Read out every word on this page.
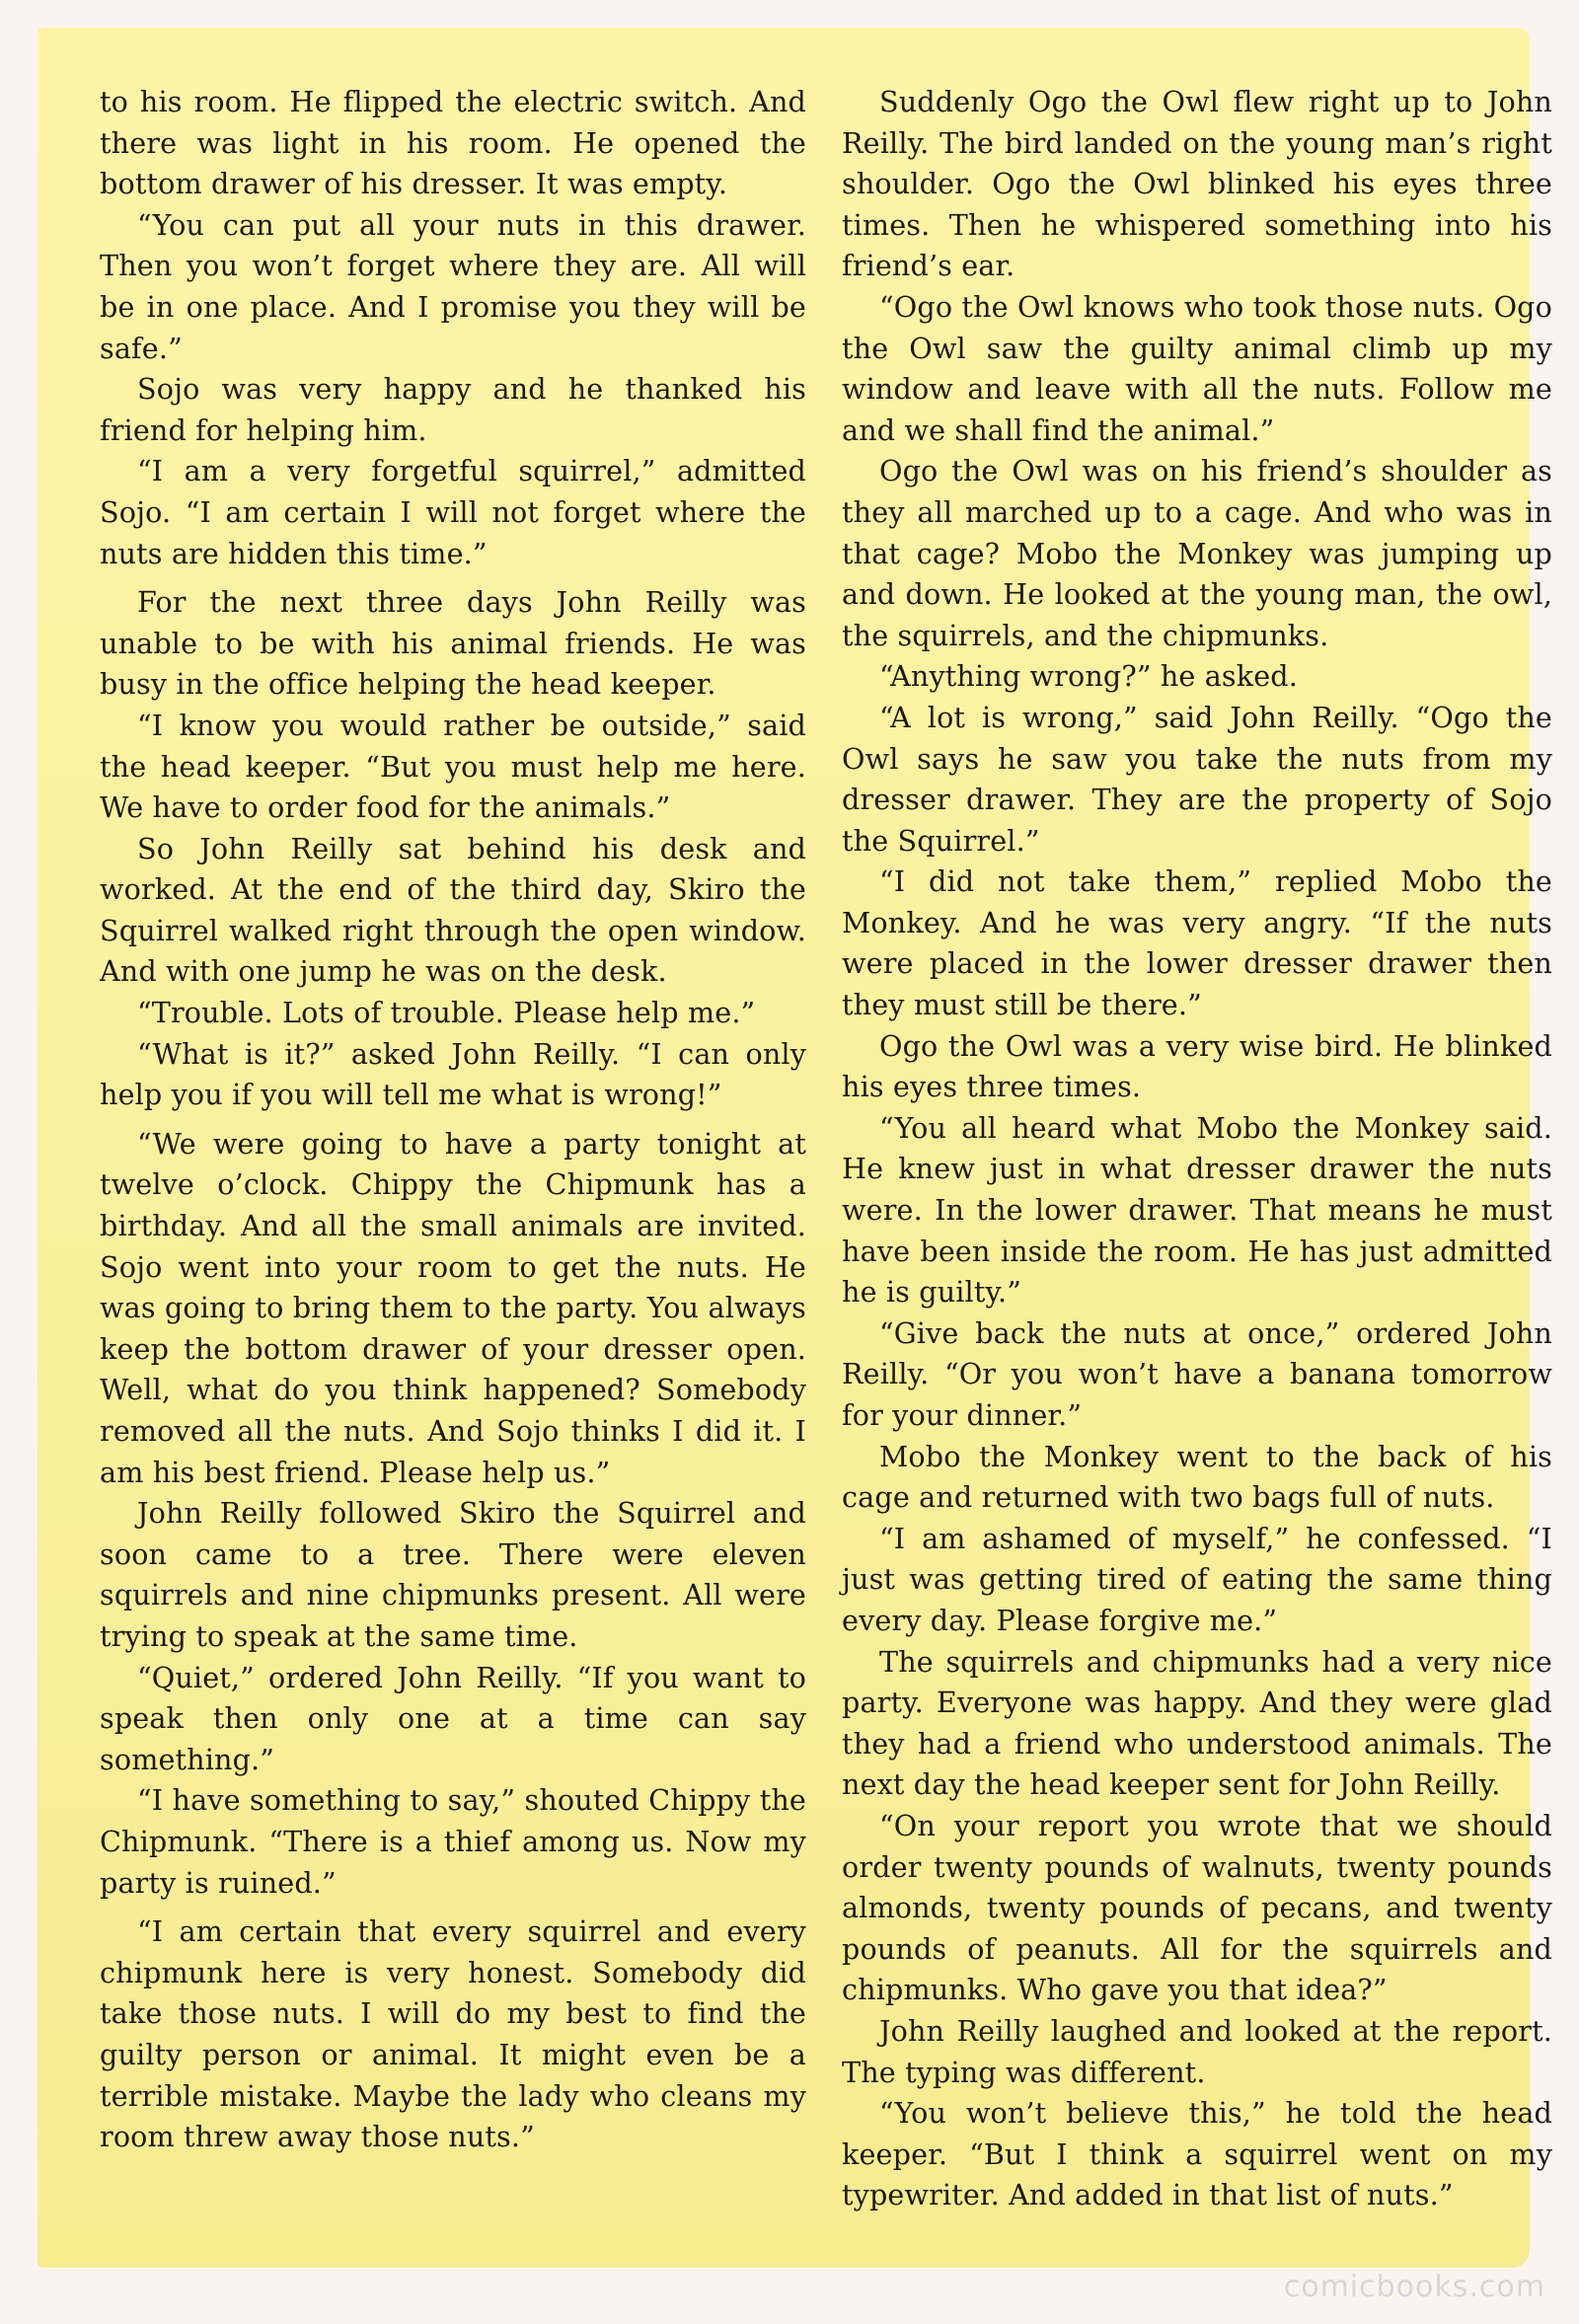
to his room. He flipped the electric switch. And there was light in his room. He opened the bottom drawer of his dresser. It was empty.

“You can put all your nuts in this drawer. Then you won’t forget where they are. All will be in one place. And I promise you they will be safe.”

Sojo was very happy and he thanked his friend for helping him.

“I am a very forgetful squirrel,” admitted Sojo. “I am certain I will not forget where the nuts are hidden this time.”

For the next three days John Reilly was unable to be with his animal friends. He was busy in the office helping the head keeper.

“I know you would rather be outside,” said the head keeper. “But you must help me here. We have to order food for the animals.”

So John Reilly sat behind his desk and worked. At the end of the third day, Skiro the Squirrel walked right through the open window. And with one jump he was on the desk.

“Trouble. Lots of trouble. Please help me.”

“What is it?” asked John Reilly. “I can only help you if you will tell me what is wrong!”

“We were going to have a party tonight at twelve o’clock. Chippy the Chipmunk has a birthday. And all the small animals are invited. Sojo went into your room to get the nuts. He was going to bring them to the party. You always keep the bottom drawer of your dresser open. Well, what do you think happened? Somebody removed all the nuts. And Sojo thinks I did it. I am his best friend. Please help us.”

John Reilly followed Skiro the Squirrel and soon came to a tree. There were eleven squirrels and nine chipmunks present. All were trying to speak at the same time.

“Quiet,” ordered John Reilly. “If you want to speak then only one at a time can say something.”

“I have something to say,” shouted Chippy the Chipmunk. “There is a thief among us. Now my party is ruined.”

“I am certain that every squirrel and every chipmunk here is very honest. Somebody did take those nuts. I will do my best to find the guilty person or animal. It might even be a terrible mistake. Maybe the lady who cleans my room threw away those nuts.”

Suddenly Ogo the Owl flew right up to John Reilly. The bird landed on the young man’s right shoulder. Ogo the Owl blinked his eyes three times. Then he whispered something into his friend’s ear.

“Ogo the Owl knows who took those nuts. Ogo the Owl saw the guilty animal climb up my window and leave with all the nuts. Follow me and we shall find the animal.”

Ogo the Owl was on his friend’s shoulder as they all marched up to a cage. And who was in that cage? Mobo the Monkey was jumping up and down. He looked at the young man, the owl, the squirrels, and the chipmunks.

“Anything wrong?” he asked.

“A lot is wrong,” said John Reilly. “Ogo the Owl says he saw you take the nuts from my dresser drawer. They are the property of Sojo the Squirrel.”

“I did not take them,” replied Mobo the Monkey. And he was very angry. “If the nuts were placed in the lower dresser drawer then they must still be there.”

Ogo the Owl was a very wise bird. He blinked his eyes three times.

“You all heard what Mobo the Monkey said. He knew just in what dresser drawer the nuts were. In the lower drawer. That means he must have been inside the room. He has just admitted he is guilty.”

“Give back the nuts at once,” ordered John Reilly. “Or you won’t have a banana tomorrow for your dinner.”

Mobo the Monkey went to the back of his cage and returned with two bags full of nuts.

“I am ashamed of myself,” he confessed. “I just was getting tired of eating the same thing every day. Please forgive me.”

The squirrels and chipmunks had a very nice party. Everyone was happy. And they were glad they had a friend who understood animals. The next day the head keeper sent for John Reilly.

“On your report you wrote that we should order twenty pounds of walnuts, twenty pounds almonds, twenty pounds of pecans, and twenty pounds of peanuts. All for the squirrels and chipmunks. Who gave you that idea?”

John Reilly laughed and looked at the report. The typing was different.

“You won’t believe this,” he told the head keeper. “But I think a squirrel went on my typewriter. And added in that list of nuts.”

comicbooks.com
